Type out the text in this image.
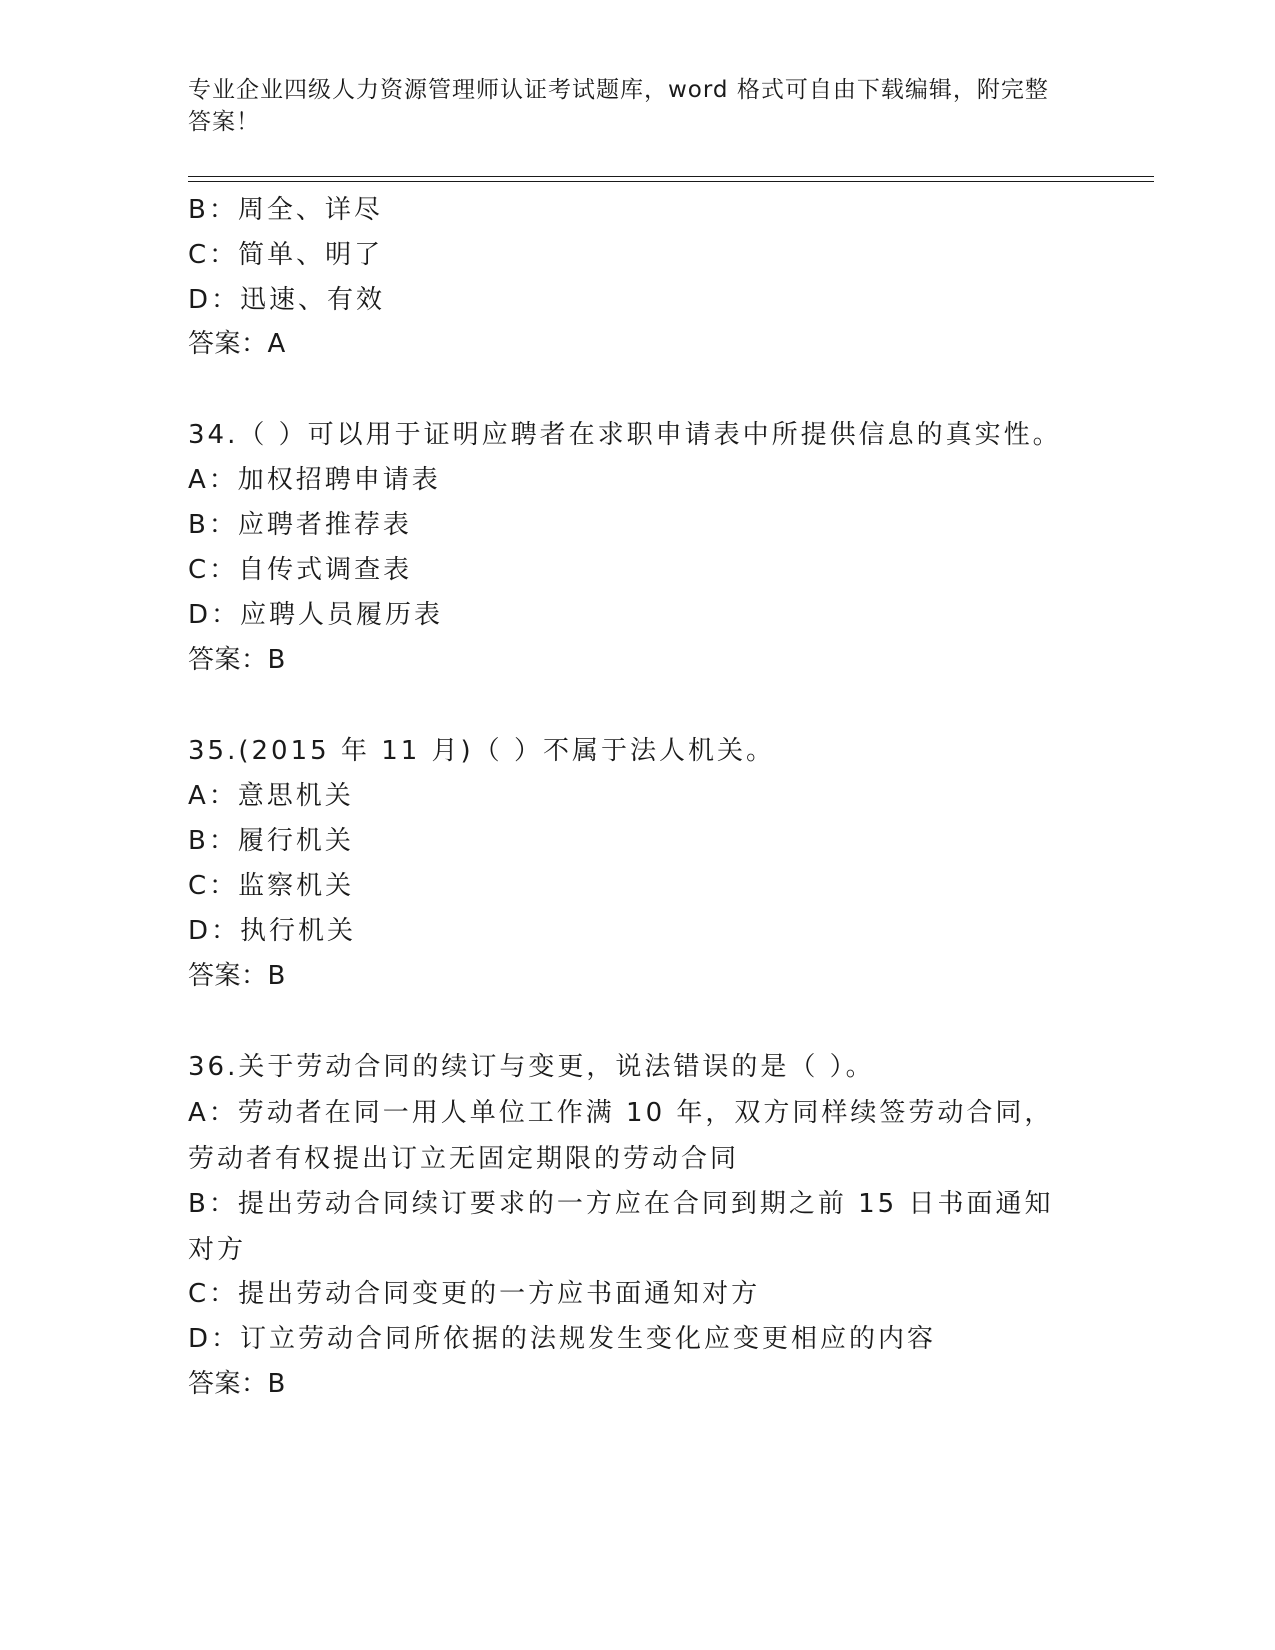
专业企业四级人力资源管理师认证考试题库，word 格式可自由下载编辑，附完整答案！
B：周全、详尽
C：简单、明了
D：迅速、有效
答案：A
34.（ ）可以用于证明应聘者在求职申请表中所提供信息的真实性。
A：加权招聘申请表
B：应聘者推荐表
C：自传式调查表
D：应聘人员履历表
答案：B
35.(2015 年 11 月)（ ）不属于法人机关。
A：意思机关
B：履行机关
C：监察机关
D：执行机关
答案：B
36.关于劳动合同的续订与变更，说法错误的是（ ）。
A：劳动者在同一用人单位工作满 10 年，双方同样续签劳动合同，劳动者有权提出订立无固定期限的劳动合同
B：提出劳动合同续订要求的一方应在合同到期之前 15 日书面通知对方
C：提出劳动合同变更的一方应书面通知对方
D：订立劳动合同所依据的法规发生变化应变更相应的内容
答案：B
